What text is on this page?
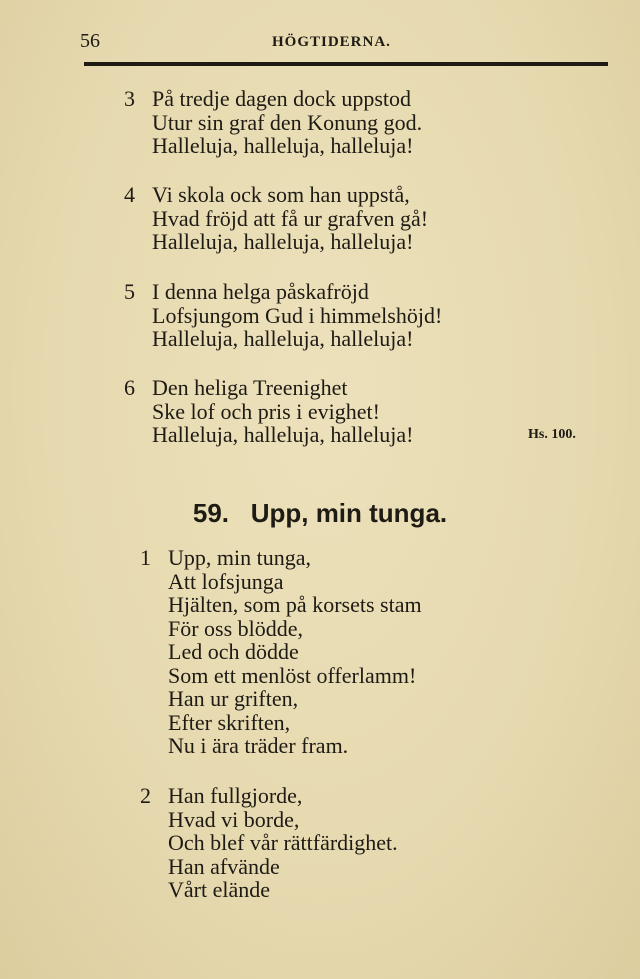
56	HÖGTIDERNA.
3 På tredje dagen dock uppstod
Utur sin graf den Konung god.
Halleluja, halleluja, halleluja!
4 Vi skola ock som han uppstå,
Hvad fröjd att få ur grafven gå!
Halleluja, halleluja, halleluja!
5 I denna helga påskafröjd
Lofsjungom Gud i himmelshöjd!
Halleluja, halleluja, halleluja!
6 Den heliga Treenighet
Ske lof och pris i evighet!
Halleluja, halleluja, halleluja!	Hs. 100.
59. Upp, min tunga.
1 Upp, min tunga,
Att lofsjunga
Hjälten, som på korsets stam
För oss blödde,
Led och dödde
Som ett menlöst offerlamm!
Han ur griften,
Efter skriften,
Nu i ära träder fram.
2 Han fullgjorde,
Hvad vi borde,
Och blef vår rättfärdighet.
Han afvände
Vårt elände
